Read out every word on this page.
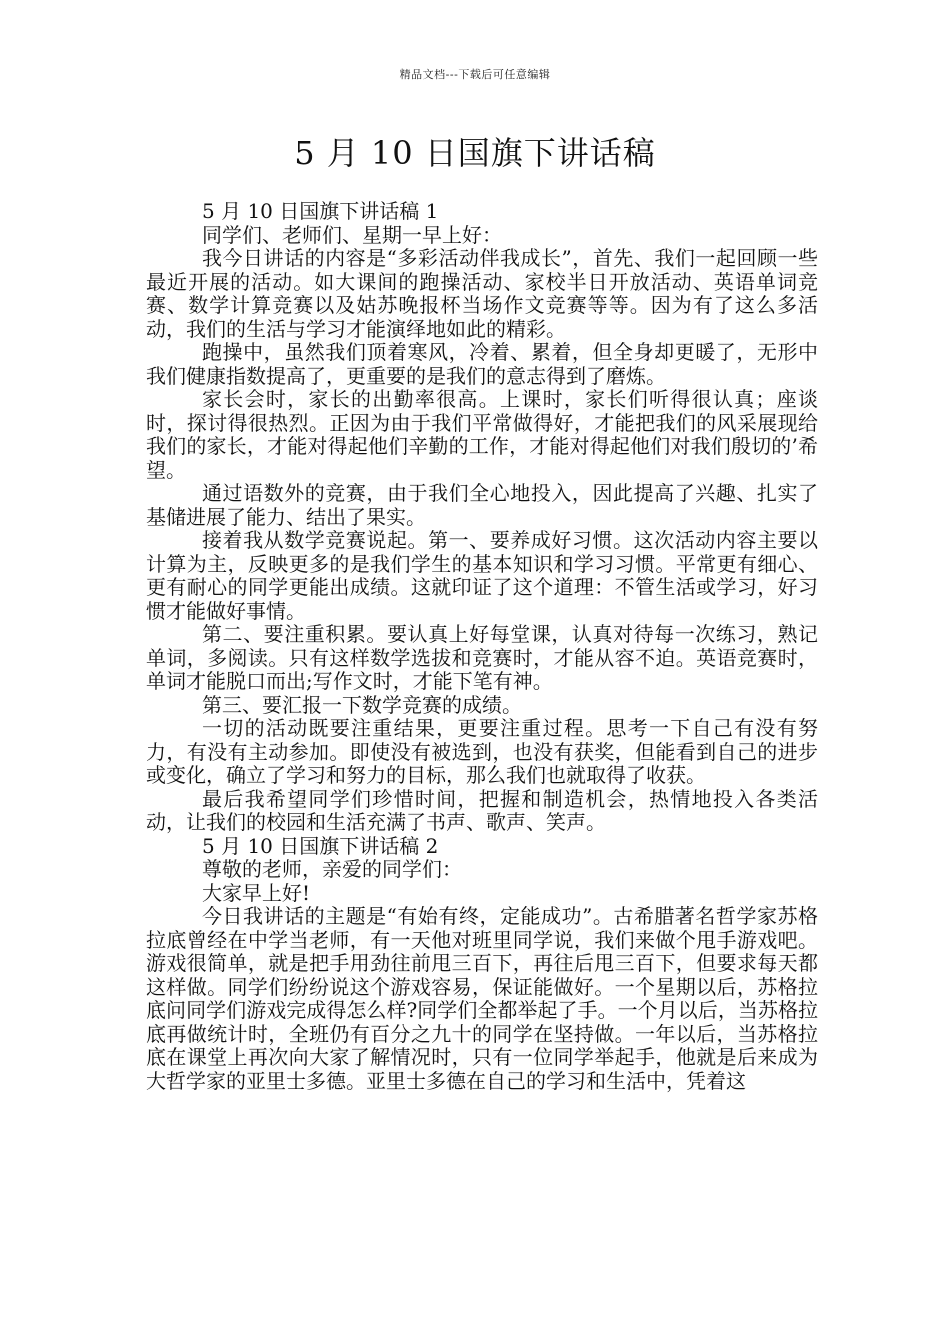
精品文档---下载后可任意编辑
5 月 10 日国旗下讲话稿

5 月 10 日国旗下讲话稿 1

同学们、老师们、星期一早上好：

我今日讲话的内容是“多彩活动伴我成长”，首先、我们一起回顾一些最近开展的活动。如大课间的跑操活动、家校半日开放活动、英语单词竞赛、数学计算竞赛以及姑苏晚报杯当场作文竞赛等等。因为有了这么多活动，我们的生活与学习才能演绎地如此的精彩。

跑操中，虽然我们顶着寒风，冷着、累着，但全身却更暖了，无形中我们健康指数提高了，更重要的是我们的意志得到了磨炼。

家长会时，家长的出勤率很高。上课时，家长们听得很认真；座谈时，探讨得很热烈。正因为由于我们平常做得好，才能把我们的风采展现给我们的家长，才能对得起他们辛勤的工作，才能对得起他们对我们殷切的’希望。

通过语数外的竞赛，由于我们全心地投入，因此提高了兴趣、扎实了基储进展了能力、结出了果实。

接着我从数学竞赛说起。第一、要养成好习惯。这次活动内容主要以计算为主，反映更多的是我们学生的基本知识和学习习惯。平常更有细心、更有耐心的同学更能出成绩。这就印证了这个道理：不管生活或学习，好习惯才能做好事情。

第二、要注重积累。要认真上好每堂课，认真对待每一次练习，熟记单词，多阅读。只有这样数学选拔和竞赛时，才能从容不迫。英语竞赛时，单词才能脱口而出;写作文时，才能下笔有神。

第三、要汇报一下数学竞赛的成绩。

一切的活动既要注重结果，更要注重过程。思考一下自己有没有努力，有没有主动参加。即使没有被选到，也没有获奖，但能看到自己的进步或变化，确立了学习和努力的目标，那么我们也就取得了收获。

最后我希望同学们珍惜时间，把握和制造机会，热情地投入各类活动，让我们的校园和生活充满了书声、歌声、笑声。

5 月 10 日国旗下讲话稿 2

尊敬的老师，亲爱的同学们：

大家早上好!

今日我讲话的主题是“有始有终，定能成功”。古希腊著名哲学家苏格拉底曾经在中学当老师，有一天他对班里同学说，我们来做个甩手游戏吧。游戏很简单，就是把手用劲往前甩三百下，再往后甩三百下，但要求每天都这样做。同学们纷纷说这个游戏容易，保证能做好。一个星期以后，苏格拉底问同学们游戏完成得怎么样?同学们全都举起了手。一个月以后，当苏格拉底再做统计时，全班仍有百分之九十的同学在坚持做。一年以后，当苏格拉底在课堂上再次向大家了解情况时，只有一位同学举起手，他就是后来成为大哲学家的亚里士多德。亚里士多德在自己的学习和生活中，凭着这
